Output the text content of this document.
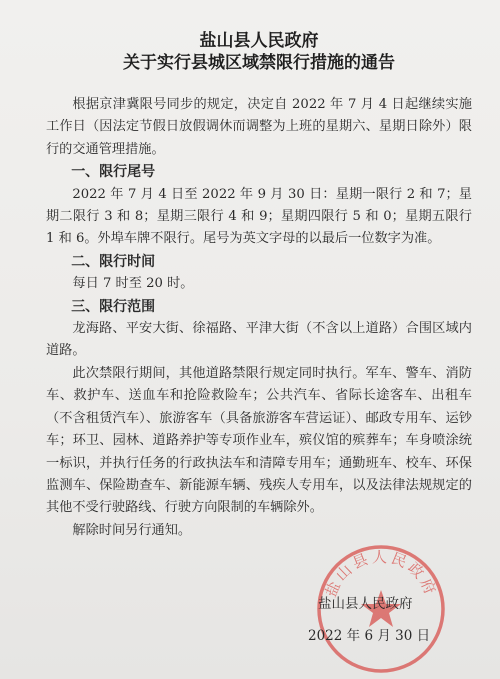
盐山县人民政府
关于实行县城区域禁限行措施的通告

根据京津冀限号同步的规定，决定自 2022 年 7 月 4 日起继续实施工作日（因法定节假日放假调休而调整为上班的星期六、星期日除外）限行的交通管理措施。

一、限行尾号

2022 年 7 月 4 日至 2022 年 9 月 30 日：星期一限行 2 和 7；星期二限行 3 和 8；星期三限行 4 和 9；星期四限行 5 和 0；星期五限行 1 和 6。外埠车牌不限行。尾号为英文字母的以最后一位数字为准。

二、限行时间

每日 7 时至 20 时。

三、限行范围

龙海路、平安大街、徐福路、平津大街（不含以上道路）合围区域内道路。

此次禁限行期间，其他道路禁限行规定同时执行。军车、警车、消防车、救护车、送血车和抢险救险车；公共汽车、省际长途客车、出租车（不含租赁汽车）、旅游客车（具备旅游客车营运证）、邮政专用车、运钞车；环卫、园林、道路养护等专项作业车，殡仪馆的殡葬车；车身喷涂统一标识，并执行任务的行政执法车和清障专用车；通勤班车、校车、环保监测车、保险勘查车、新能源车辆、残疾人专用车，以及法律法规规定的其他不受行驶路线、行驶方向限制的车辆除外。

解除时间另行通知。

盐山县人民政府
盐山县人民政府
2022 年 6 月 30 日
